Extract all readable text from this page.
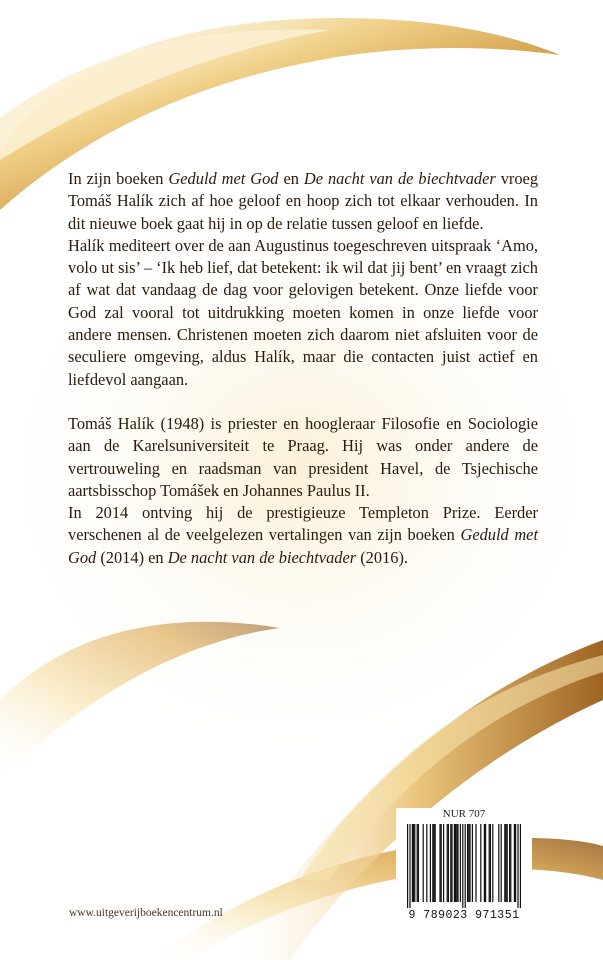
In zijn boeken Geduld met God en De nacht van de biechtvader vroeg Tomáš Halík zich af hoe geloof en hoop zich tot elkaar verhouden. In dit nieuwe boek gaat hij in op de relatie tussen geloof en liefde.

Halík mediteert over de aan Augustinus toegeschreven uitspraak ‘Amo, volo ut sis’ – ‘Ik heb lief, dat betekent: ik wil dat jij bent’ en vraagt zich af wat dat vandaag de dag voor gelovigen betekent. Onze liefde voor God zal vooral tot uitdrukking moeten komen in onze liefde voor andere mensen. Christenen moeten zich daarom niet afsluiten voor de seculiere omgeving, aldus Halík, maar die contacten juist actief en liefdevol aangaan.

Tomáš Halík (1948) is priester en hoogleraar Filosofie en Sociologie aan de Karelsuniversiteit te Praag. Hij was onder andere de vertrouweling en raadsman van president Havel, de Tsjechische aartsbisschop Tomášek en Johannes Paulus II.

In 2014 ontving hij de prestigieuze Templeton Prize. Eerder verschenen al de veelgelezen vertalingen van zijn boeken Geduld met God (2014) en De nacht van de biechtvader (2016).

www.uitgeverijboekencentrum.nl
NUR 707
9 789023 971351
